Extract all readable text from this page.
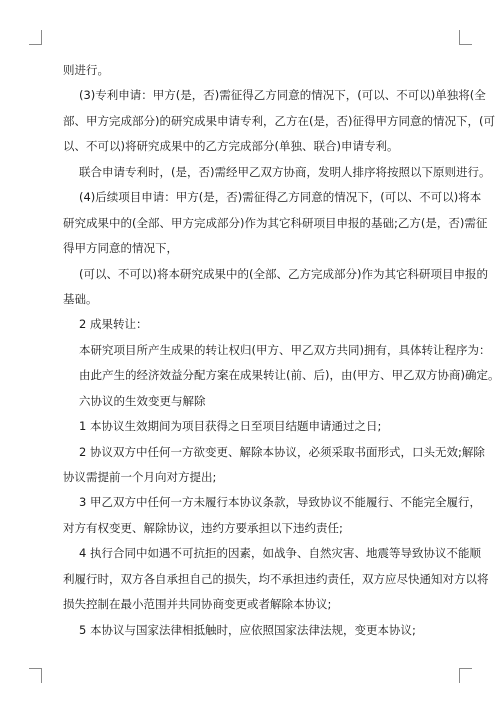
则进行。
(3)专利申请：甲方(是，否)需征得乙方同意的情况下，(可以、不可以)单独将(全
部、甲方完成部分)的研究成果申请专利，乙方在(是，否)征得甲方同意的情况下，(可
以、不可以)将研究成果中的乙方完成部分(单独、联合)申请专利。
联合申请专利时，(是，否)需经甲乙双方协商，发明人排序将按照以下原则进行。
(4)后续项目申请：甲方(是，否)需征得乙方同意的情况下，(可以、不可以)将本
研究成果中的(全部、甲方完成部分)作为其它科研项目申报的基础;乙方(是，否)需征
得甲方同意的情况下，
(可以、不可以)将本研究成果中的(全部、乙方完成部分)作为其它科研项目申报的
基础。
2 成果转让：
本研究项目所产生成果的转让权归(甲方、甲乙双方共同)拥有，具体转让程序为：
由此产生的经济效益分配方案在成果转让(前、后)，由(甲方、甲乙双方协商)确定。
六协议的生效变更与解除
1 本协议生效期间为项目获得之日至项目结题申请通过之日;
2 协议双方中任何一方欲变更、解除本协议，必须采取书面形式，口头无效;解除
协议需提前一个月向对方提出;
3 甲乙双方中任何一方未履行本协议条款，导致协议不能履行、不能完全履行，
对方有权变更、解除协议，违约方要承担以下违约责任;
4 执行合同中如遇不可抗拒的因素，如战争、自然灾害、地震等导致协议不能顺
利履行时，双方各自承担自己的损失，均不承担违约责任，双方应尽快通知对方以将
损失控制在最小范围并共同协商变更或者解除本协议;
5 本协议与国家法律相抵触时，应依照国家法律法规，变更本协议;
